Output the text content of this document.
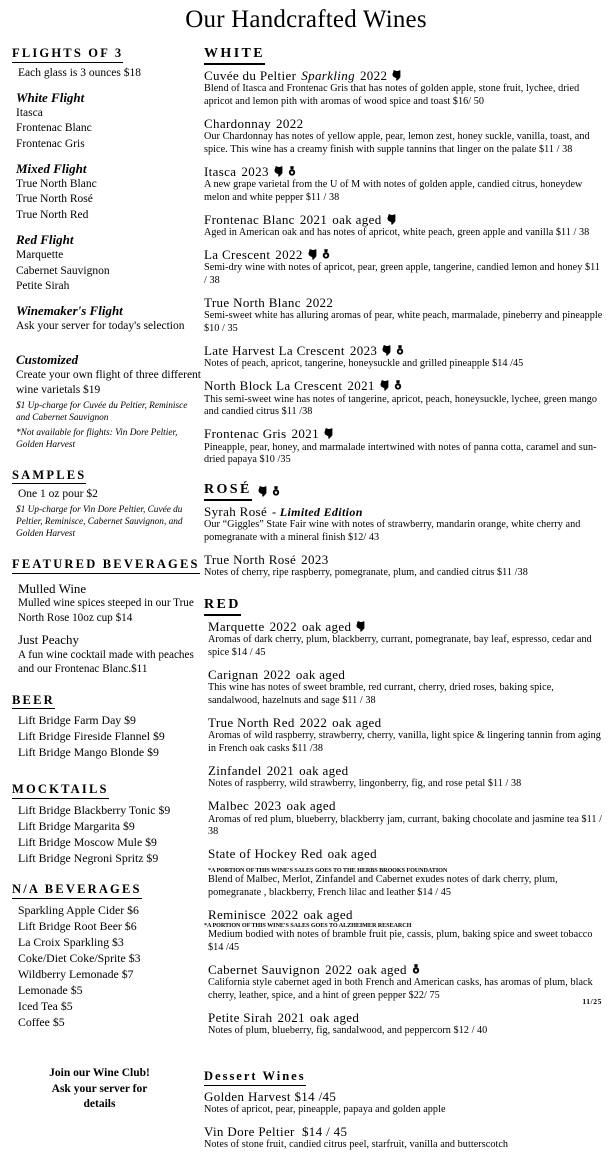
Our Handcrafted Wines
FLIGHTS OF 3
Each glass is 3 ounces $18
White Flight
Itasca
Frontenac Blanc
Frontenac Gris
Mixed Flight
True North Blanc
True North Rosé
True North Red
Red Flight
Marquette
Cabernet Sauvignon
Petite Sirah
Winemaker's Flight
Ask your server for today's selection
Customized
Create your own flight of three different wine varietals $19
$1 Up-charge for Cuvée du Peltier, Reminisce and Cabernet Sauvignon
*Not available for flights: Vin Dore Peltier, Golden Harvest
SAMPLES
One 1 oz pour $2
$1 Up-charge for Vin Dore Peltier, Cuvée du Peltier, Reminisce, Cabernet Sauvignon, and Golden Harvest
FEATURED BEVERAGES
Mulled Wine
Mulled wine spices steeped in our True North Rose 10oz cup $14
Just Peachy
A fun wine cocktail made with peaches and our Frontenac Blanc.$11
BEER
Lift Bridge Farm Day $9
Lift Bridge Fireside Flannel $9
Lift Bridge Mango Blonde $9
MOCKTAILS
Lift Bridge Blackberry Tonic $9
Lift Bridge Margarita $9
Lift Bridge Moscow Mule $9
Lift Bridge Negroni Spritz $9
N/A BEVERAGES
Sparkling Apple Cider $6
Lift Bridge Root Beer $6
La Croix Sparkling $3
Coke/Diet Coke/Sprite $3
Wildberry Lemonade $7
Lemonade $5
Iced Tea $5
Coffee $5
Join our Wine Club!
Ask your server for
details
WHITE
Cuvée du Peltier Sparkling 2022
Blend of Itasca and Frontenac Gris that has notes of golden apple, stone fruit, lychee, dried apricot and lemon pith with aromas of wood spice and toast $16/ 50
Chardonnay 2022
Our Chardonnay has notes of yellow apple, pear, lemon zest, honey suckle, vanilla, toast, and spice. This wine has a creamy finish with supple tannins that linger on the palate $11 / 38
Itasca 2023
A new grape varietal from the U of M with notes of golden apple, candied citrus, honeydew melon and white pepper $11 / 38
Frontenac Blanc 2021 oak aged
Aged in American oak and has notes of apricot, white peach, green apple and vanilla $11 / 38
La Crescent 2022
Semi-dry wine with notes of apricot, pear, green apple, tangerine, candied lemon and honey $11 / 38
True North Blanc 2022
Semi-sweet white has alluring aromas of pear, white peach, marmalade, pineberry and pineapple $10 / 35
Late Harvest La Crescent 2023
Notes of peach, apricot, tangerine, honeysuckle and grilled pineapple $14 /45
North Block La Crescent 2021
This semi-sweet wine has notes of tangerine, apricot, peach, honeysuckle, lychee, green mango and candied citrus $11 /38
Frontenac Gris 2021
Pineapple, pear, honey, and marmalade intertwined with notes of panna cotta, caramel and sun-dried papaya $10 /35
ROSÉ
Syrah Rosé - Limited Edition
Our “Giggles” State Fair wine with notes of strawberry, mandarin orange, white cherry and pomegranate with a mineral finish $12/ 43
True North Rosé 2023
Notes of cherry, ripe raspberry, pomegranate, plum, and candied citrus $11 /38
RED
Marquette 2022 oak aged
Aromas of dark cherry, plum, blackberry, currant, pomegranate, bay leaf, espresso, cedar and spice $14 / 45
Carignan 2022 oak aged
This wine has notes of sweet bramble, red currant, cherry, dried roses, baking spice, sandalwood, hazelnuts and sage $11 / 38
True North Red 2022 oak aged
Aromas of wild raspberry, strawberry, cherry, vanilla, light spice & lingering tannin from aging in French oak casks $11 /38
Zinfandel 2021 oak aged
Notes of raspberry, wild strawberry, lingonberry, fig, and rose petal $11 / 38
Malbec 2023 oak aged
Aromas of red plum, blueberry, blackberry jam, currant, baking chocolate and jasmine tea $11 / 38
State of Hockey Red oak aged
*A PORTION OF THIS WINE'S SALES GOES TO THE HERBS BROOKS FOUNDATION
Blend of Malbec, Merlot, Zinfandel and Cabernet exudes notes of dark cherry, plum, pomegranate , blackberry, French lilac and leather $14 / 45
Reminisce 2022 oak aged
*A PORTION OF THIS WINE'S SALES GOES TO ALZHEIMER RESEARCH
Medium bodied with notes of bramble fruit pie, cassis, plum, baking spice and sweet tobacco $14 /45
Cabernet Sauvignon 2022 oak aged
California style cabernet aged in both French and American casks, has aromas of plum, black cherry, leather, spice, and a hint of green pepper $22/ 75
Petite Sirah 2021 oak aged
Notes of plum, blueberry, fig, sandalwood, and peppercorn $12 / 40
Dessert Wines
Golden Harvest $14 /45
Notes of apricot, pear, pineapple, papaya and golden apple
Vin Dore Peltier  $14 / 45
Notes of stone fruit, candied citrus peel, starfruit, vanilla and butterscotch
11/25
